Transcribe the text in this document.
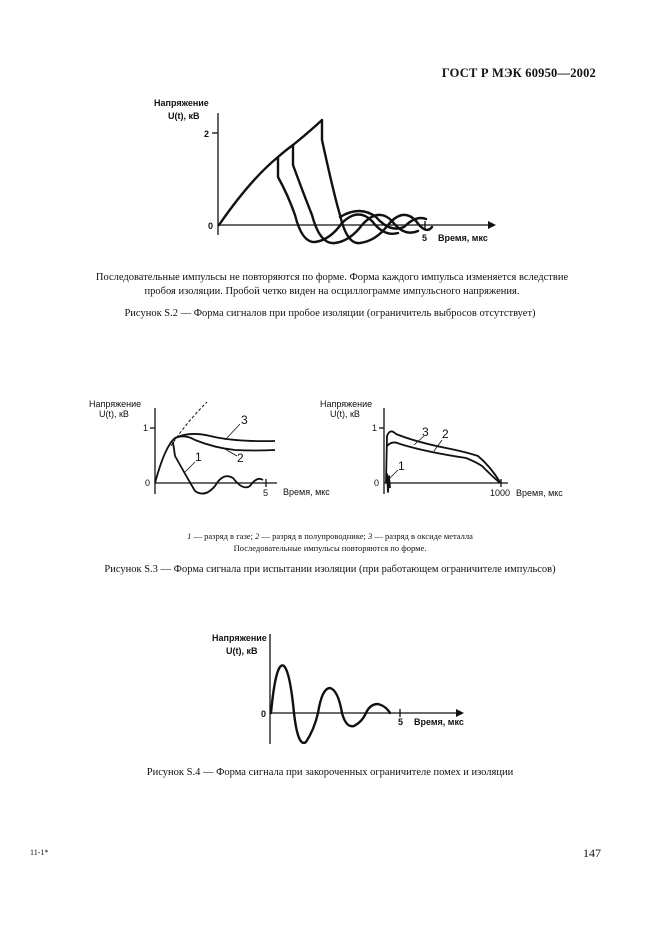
ГОСТ Р МЭК 60950—2002
Напряжение
U(t), кВ
2
0
5 Время, мкс
Последовательные импульсы не повторяются по форме. Форма каждого импульса изменяется вследствие
пробоя изоляции. Пробой четко виден на осциллограмме импульсного напряжения.
Рисунок S.2 — Форма сигналов при пробое изоляции (ограничитель выбросов отсутствует)
Напряжение
U(t), кВ
1
0
5 Время, мкс
3
2
1
Напряжение
U(t), кВ
1
0
1000 Время, мкс
3 2
1
1 — разряд в газе; 2 — разряд в полупроводнике; 3 — разряд в оксиде металла
Последовательные импульсы повторяются по форме.
Рисунок S.3 — Форма сигнала при испытании изоляции (при работающем ограничителе импульсов)
Напряжение
U(t), кВ
0
5 Время, мкс
Рисунок S.4 — Форма сигнала при закороченных ограничителе помех и изоляции
11-1*	147
